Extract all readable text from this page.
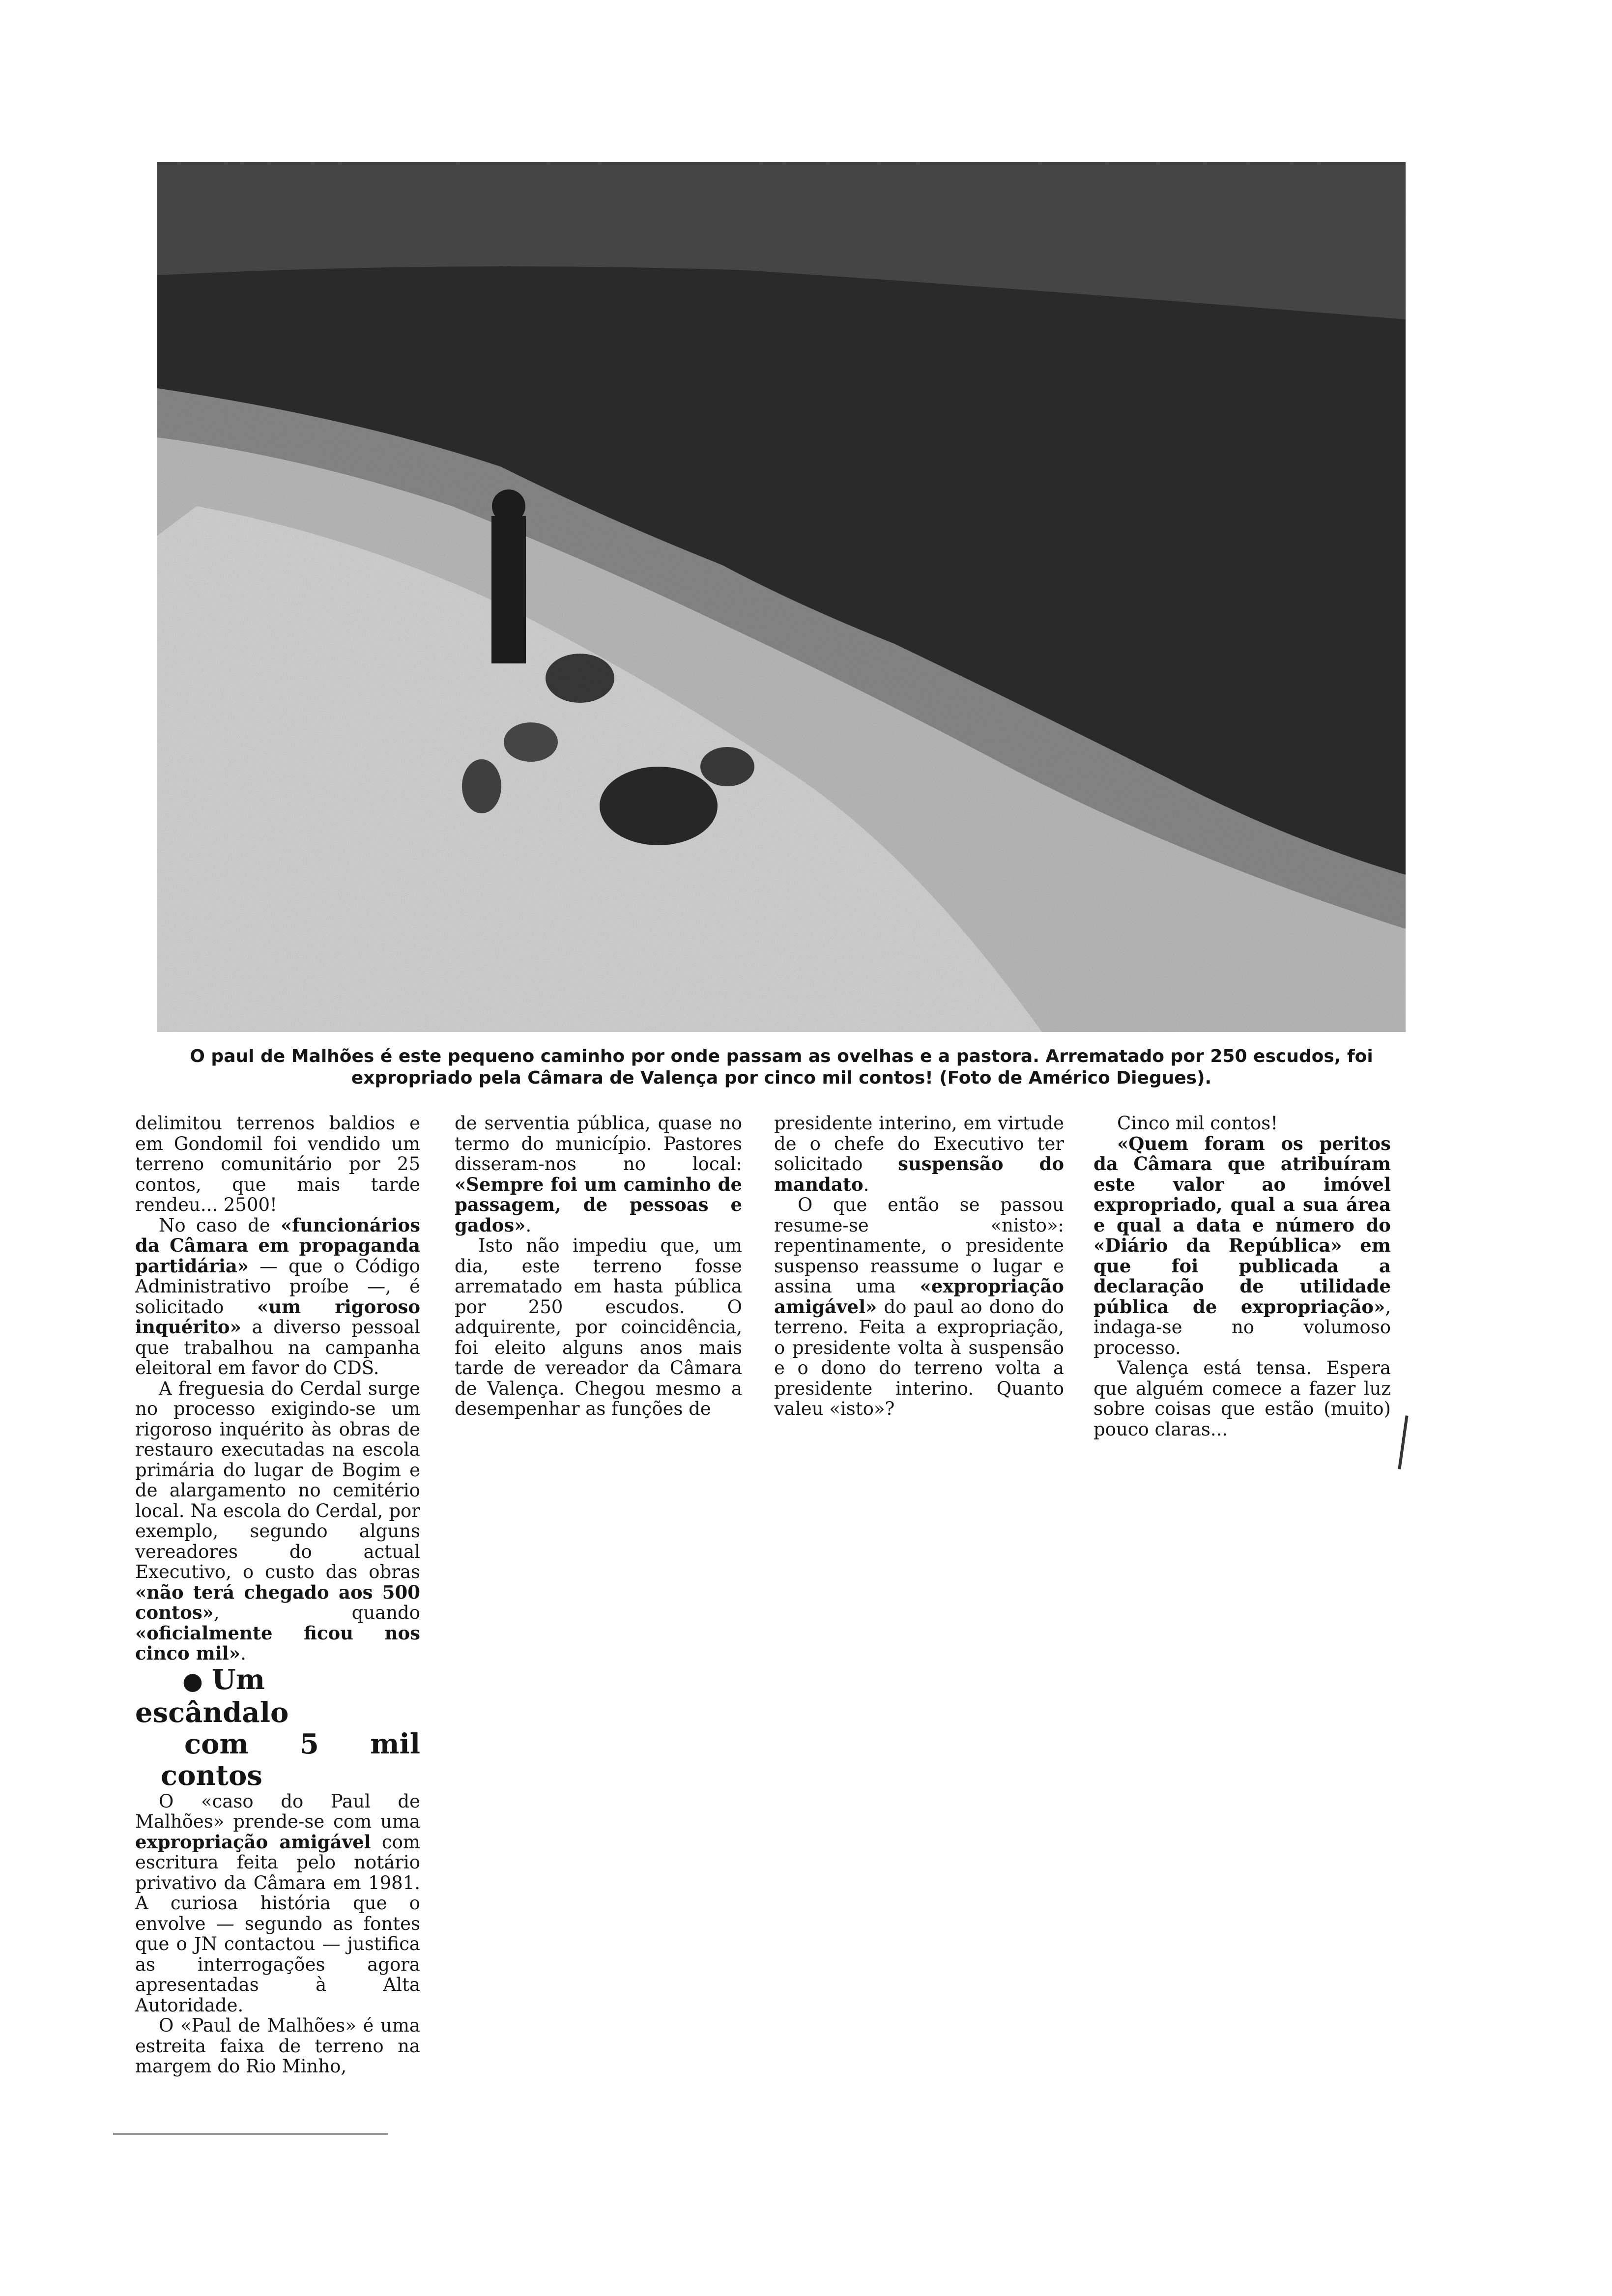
O paul de Malhões é este pequeno caminho por onde passam as ovelhas e a pastora. Arrematado por 250 escudos, foi expropriado pela Câmara de Valença por cinco mil contos! (Foto de Américo Diegues).

delimitou terrenos baldios e em Gondomil foi vendido um terreno comunitário por 25 contos, que mais tarde rendeu... 2500!

No caso de «funcionários da Câmara em propaganda partidária» — que o Código Administrativo proíbe —, é solicitado «um rigoroso inquérito» a diverso pessoal que trabalhou na campanha eleitoral em favor do CDS.

A freguesia do Cerdal surge no processo exigindo-se um rigoroso inquérito às obras de restauro executadas na escola primária do lugar de Bogim e de alargamento no cemitério local. Na escola do Cerdal, por exemplo, segundo alguns vereadores do actual Executivo, o custo das obras «não terá chegado aos 500 contos», quando «oficialmente ficou nos cinco mil».

● Um escândalo
com 5 mil contos

O «caso do Paul de Malhões» prende-se com uma expropriação amigável com escritura feita pelo notário privativo da Câmara em 1981. A curiosa história que o envolve — segundo as fontes que o JN contactou — justifica as interrogações agora apresentadas à Alta Autoridade.

O «Paul de Malhões» é uma estreita faixa de terreno na margem do Rio Minho,

de serventia pública, quase no termo do município. Pastores disseram-nos no local: «Sempre foi um caminho de passagem, de pessoas e gados».

Isto não impediu que, um dia, este terreno fosse arrematado em hasta pública por 250 escudos. O adquirente, por coincidência, foi eleito alguns anos mais tarde de vereador da Câmara de Valença. Chegou mesmo a desempenhar as funções de

presidente interino, em virtude de o chefe do Executivo ter solicitado suspensão do mandato.

O que então se passou resume-se «nisto»: repentinamente, o presidente suspenso reassume o lugar e assina uma «expropriação amigável» do paul ao dono do terreno. Feita a expropriação, o presidente volta à suspensão e o dono do terreno volta a presidente interino. Quanto valeu «isto»?

Cinco mil contos!

«Quem foram os peritos da Câmara que atribuíram este valor ao imóvel expropriado, qual a sua área e qual a data e número do «Diário da República» em que foi publicada a declaração de utilidade pública de expropriação», indaga-se no volumoso processo.

Valença está tensa. Espera que alguém comece a fazer luz sobre coisas que estão (muito) pouco claras...
